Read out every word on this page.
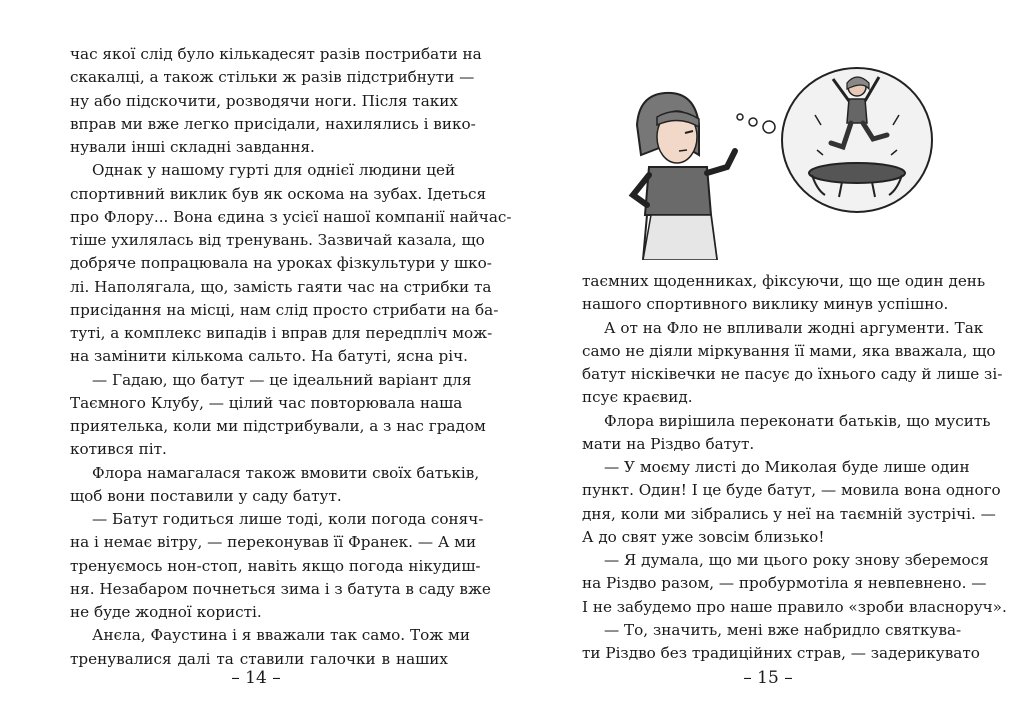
час якої слід було кількадесят разів пострибати на
скакалці, а також стільки ж разів підстрибнути —
ну або підскочити, розводячи ноги. Після таких
вправ ми вже легко присідали, нахилялись і вико-
нували інші складні завдання.
Однак у нашому гурті для однієї людини цей
спортивний виклик був як оскома на зубах. Ідеться
про Флору... Вона єдина з усієї нашої компанії найчас-
тіше ухилялась від тренувань. Зазвичай казала, що
добряче попрацювала на уроках фізкультури у шко-
лі. Наполягала, що, замість гаяти час на стрибки та
присідання на місці, нам слід просто стрибати на ба-
туті, а комплекс випадів і вправ для передпліч мож-
на замінити кількома сальто. На батуті, ясна річ.
— Гадаю, що батут — це ідеальний варіант для
Таємного Клубу, — цілий час повторювала наша
приятелька, коли ми підстрибували, а з нас градом
котився піт.
Флора намагалася також вмовити своїх батьків,
щоб вони поставили у саду батут.
— Батут годиться лише тоді, коли погода соняч-
на і немає вітру, — переконував її Франек. — А ми
тренуємось нон-стоп, навіть якщо погода нікудиш-
ня. Незабаром почнеться зима і з батута в саду вже
не буде жодної користі.
Анєла, Фаустина і я вважали так само. Тож ми
тренувалися далі та ставили галочки в наших
– 14 –
таємних щоденниках, фіксуючи, що ще один день
нашого спортивного виклику минув успішно.
А от на Фло не впливали жодні аргументи. Так
само не діяли міркування її мами, яка вважала, що
батут нісківечки не пасує до їхнього саду й лише зі-
псує краєвид.
Флора вирішила переконати батьків, що мусить
мати на Різдво батут.
— У моєму листі до Миколая буде лише один
пункт. Один! І це буде батут, — мовила вона одного
дня, коли ми зібрались у неї на таємній зустрічі. —
А до свят уже зовсім близько!
— Я думала, що ми цього року знову зберемося
на Різдво разом, — пробурмотіла я невпевнено. —
І не забудемо про наше правило «зроби власноруч».
— То, значить, мені вже набридло святкува-
ти Різдво без традиційних страв, — задерикувато
– 15 –
